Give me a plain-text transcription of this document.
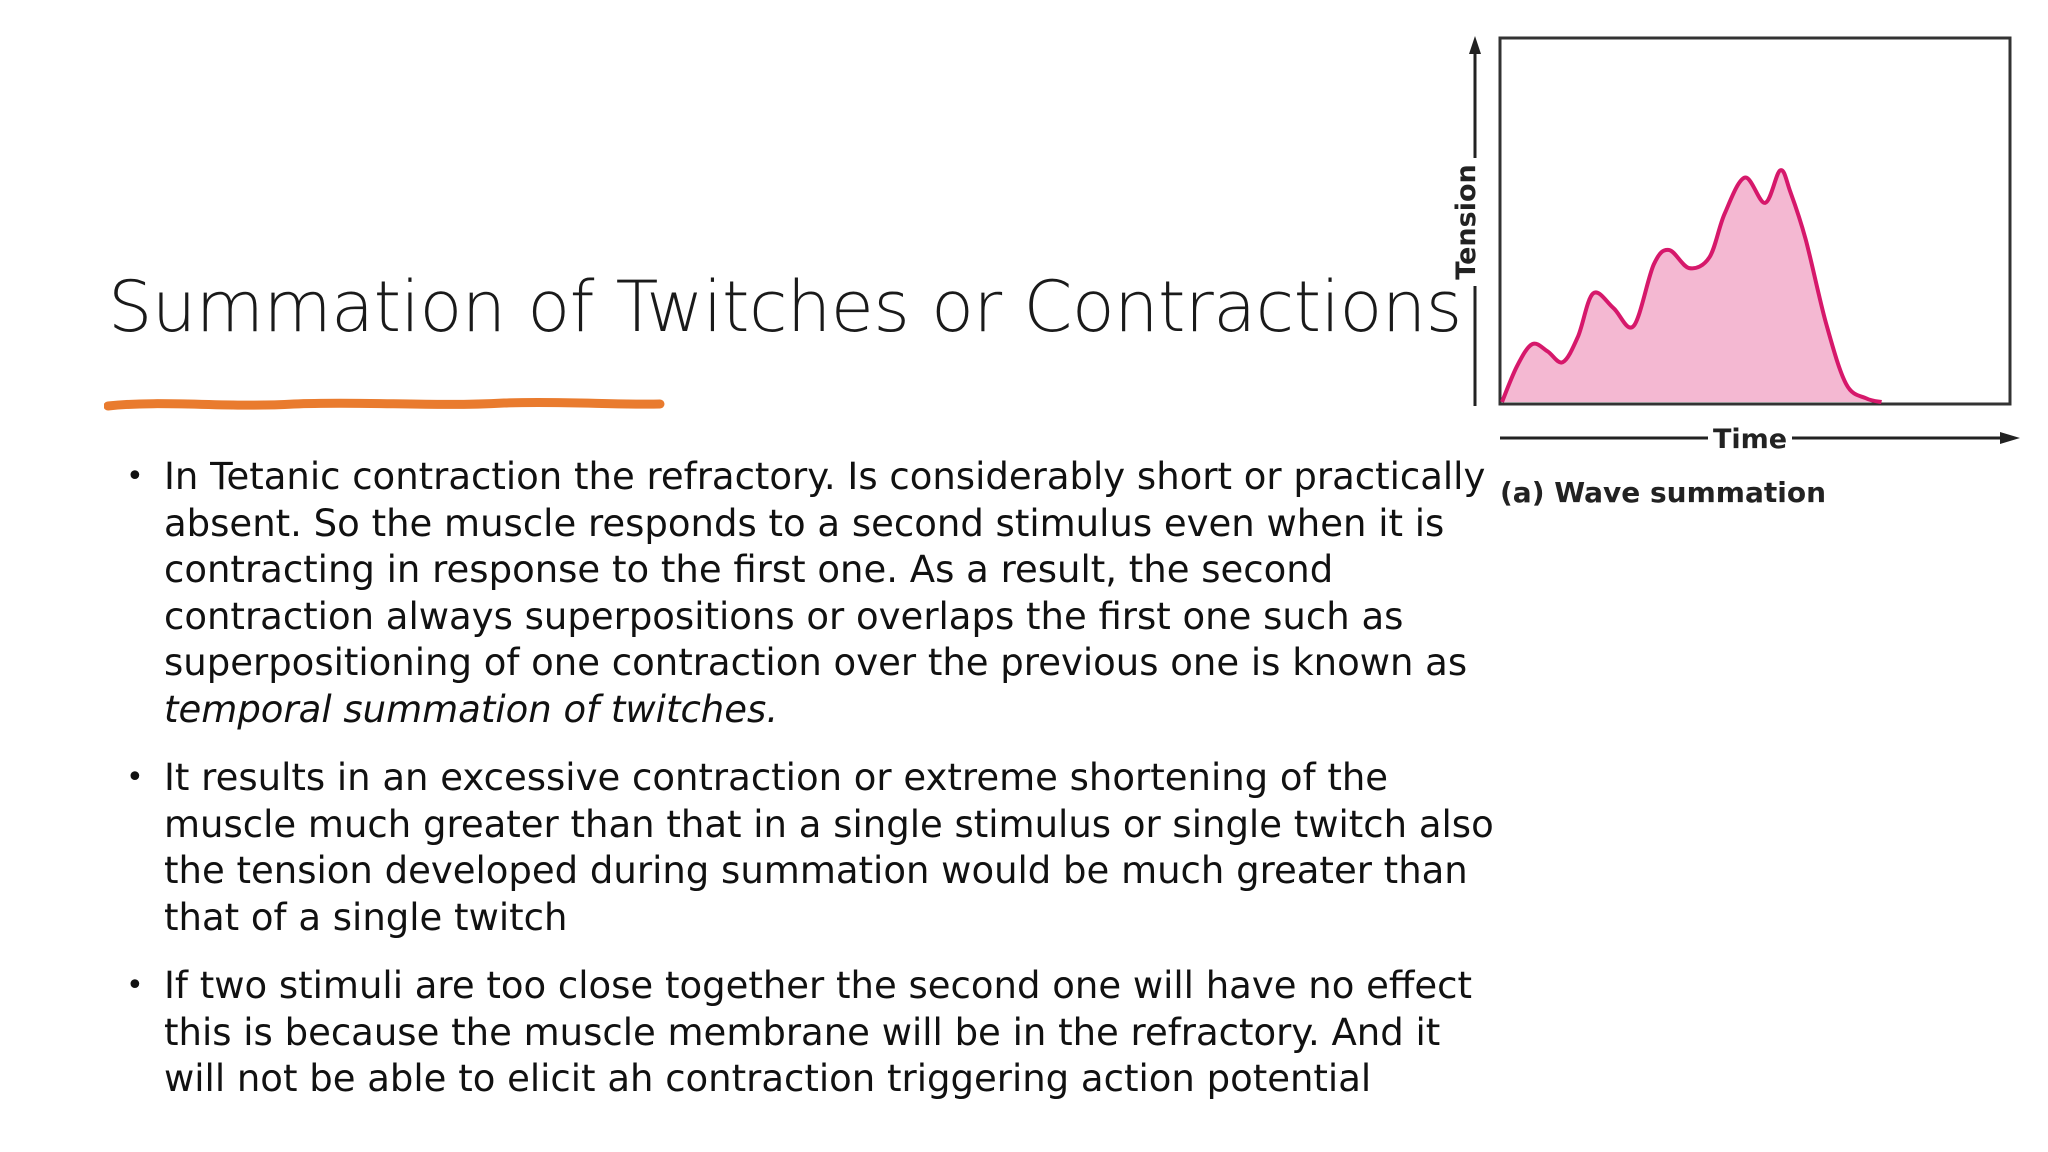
Summation of Twitches or Contractions
• In Tetanic contraction the refractory. Is considerably short or practically absent. So the muscle responds to a second stimulus even when it is contracting in response to the first one. As a result, the second contraction always superpositions or overlaps the first one such as superpositioning of one contraction over the previous one is known as temporal summation of twitches.
• It results in an excessive contraction or extreme shortening of the muscle much greater than that in a single stimulus or single twitch also the tension developed during summation would be much greater than that of a single twitch
• If two stimuli are too close together the second one will have no effect this is because the muscle membrane will be in the refractory. And it will not be able to elicit ah contraction triggering action potential
Tension
Time
(a) Wave summation
